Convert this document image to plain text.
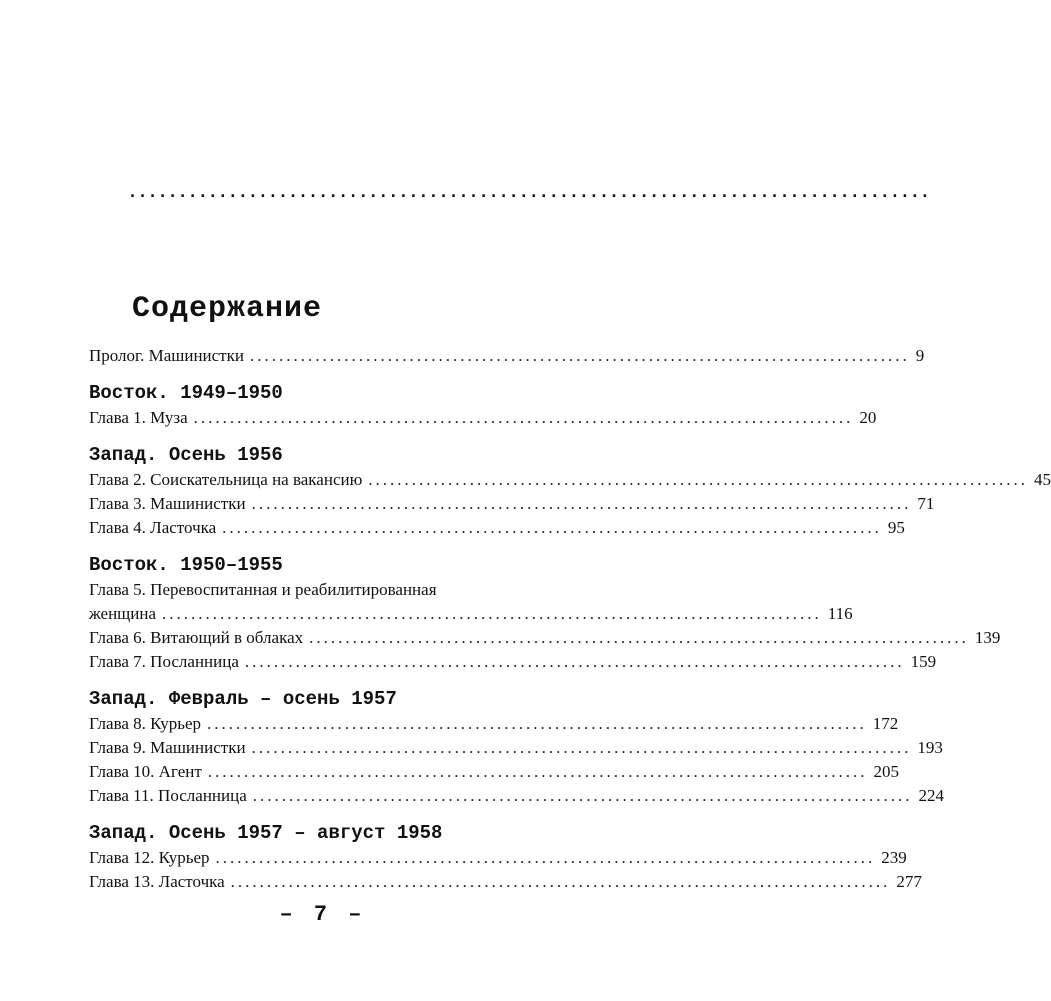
................................................................................
Содержание
Пролог. Машинистки ........................................................................................... 9
Восток. 1949–1950
Глава 1. Муза ........................................................................................... 20
Запад. Осень 1956
Глава 2. Соискательница на вакансию ........................................................................................... 45
Глава 3. Машинистки ........................................................................................... 71
Глава 4. Ласточка ........................................................................................... 95
Восток. 1950–1955
Глава 5. Перевоспитанная и реабилитированная
женщина ........................................................................................... 116
Глава 6. Витающий в облаках ........................................................................................... 139
Глава 7. Посланница ........................................................................................... 159
Запад. Февраль – осень 1957
Глава 8. Курьер ........................................................................................... 172
Глава 9. Машинистки ........................................................................................... 193
Глава 10. Агент ........................................................................................... 205
Глава 11. Посланница ........................................................................................... 224
Запад. Осень 1957 – август 1958
Глава 12. Курьер ........................................................................................... 239
Глава 13. Ласточка ........................................................................................... 277
– 7 –
